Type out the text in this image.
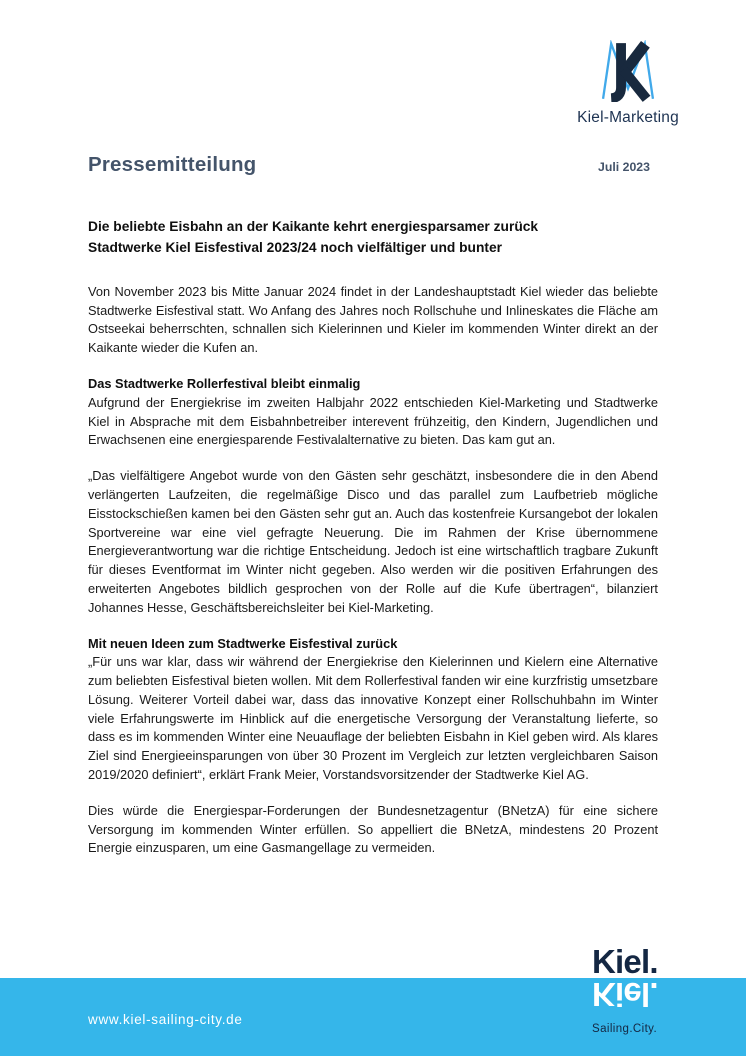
Kiel-Marketing
Pressemitteilung	Juli 2023
Die beliebte Eisbahn an der Kaikante kehrt energiesparsamer zurück
Stadtwerke Kiel Eisfestival 2023/24 noch vielfältiger und bunter

Von November 2023 bis Mitte Januar 2024 findet in der Landeshauptstadt Kiel wieder das beliebte Stadtwerke Eisfestival statt. Wo Anfang des Jahres noch Rollschuhe und Inlineskates die Fläche am Ostseekai beherrschten, schnallen sich Kielerinnen und Kieler im kommenden Winter direkt an der Kaikante wieder die Kufen an.

Das Stadtwerke Rollerfestival bleibt einmalig

Aufgrund der Energiekrise im zweiten Halbjahr 2022 entschieden Kiel-Marketing und Stadtwerke Kiel in Absprache mit dem Eisbahnbetreiber interevent frühzeitig, den Kindern, Jugendlichen und Erwachsenen eine energiesparende Festivalalternative zu bieten. Das kam gut an.

„Das vielfältigere Angebot wurde von den Gästen sehr geschätzt, insbesondere die in den Abend verlängerten Laufzeiten, die regelmäßige Disco und das parallel zum Laufbetrieb mögliche Eisstockschießen kamen bei den Gästen sehr gut an. Auch das kostenfreie Kursangebot der lokalen Sportvereine war eine viel gefragte Neuerung. Die im Rahmen der Krise übernommene Energieverantwortung war die richtige Entscheidung. Jedoch ist eine wirtschaftlich tragbare Zukunft für dieses Eventformat im Winter nicht gegeben. Also werden wir die positiven Erfahrungen des erweiterten Angebotes bildlich gesprochen von der Rolle auf die Kufe übertragen“, bilanziert Johannes Hesse, Geschäftsbereichsleiter bei Kiel-Marketing.

Mit neuen Ideen zum Stadtwerke Eisfestival zurück

„Für uns war klar, dass wir während der Energiekrise den Kielerinnen und Kielern eine Alternative zum beliebten Eisfestival bieten wollen. Mit dem Rollerfestival fanden wir eine kurzfristig umsetzbare Lösung. Weiterer Vorteil dabei war, dass das innovative Konzept einer Rollschuhbahn im Winter viele Erfahrungswerte im Hinblick auf die energetische Versorgung der Veranstaltung lieferte, so dass es im kommenden Winter eine Neuauflage der beliebten Eisbahn in Kiel geben wird. Als klares Ziel sind Energieeinsparungen von über 30 Prozent im Vergleich zur letzten vergleichbaren Saison 2019/2020 definiert“, erklärt Frank Meier, Vorstandsvorsitzender der Stadtwerke Kiel AG.

Dies würde die Energiespar-Forderungen der Bundesnetzagentur (BNetzA) für eine sichere Versorgung im kommenden Winter erfüllen. So appelliert die BNetzA, mindestens 20 Prozent Energie einzusparen, um eine Gasmangellage zu vermeiden.

www.kiel-sailing-city.de
Kiel.
Kiel.
Sailing.City.
